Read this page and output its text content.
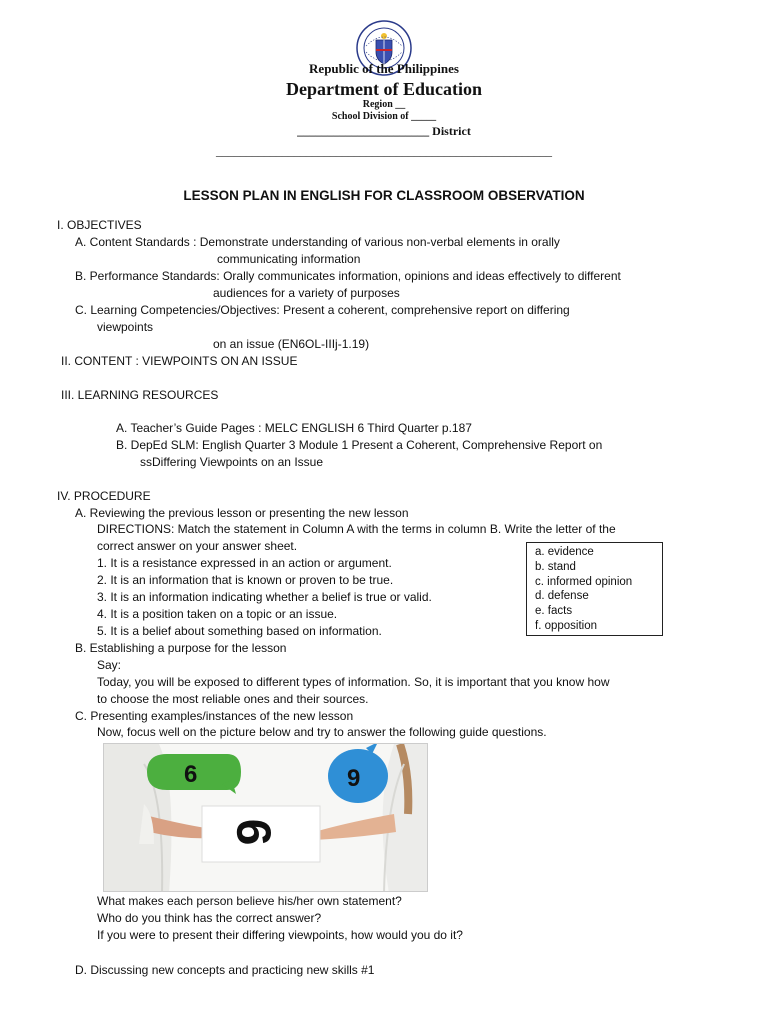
Republic of the Philippines
Department of Education
Region __
School Division of _____
______________________ District
________________________________________________________
LESSON PLAN IN ENGLISH FOR CLASSROOM OBSERVATION
I. OBJECTIVES
A. Content Standards : Demonstrate understanding of various non-verbal elements in orally
communicating information
B. Performance Standards: Orally communicates information, opinions and ideas effectively to different
audiences for a variety of purposes
C. Learning Competencies/Objectives: Present a coherent, comprehensive report on differing
viewpoints
on an issue (EN6OL-IIIj-1.19)
II. CONTENT : VIEWPOINTS ON AN ISSUE
III. LEARNING RESOURCES
A. Teacher’s Guide Pages : MELC ENGLISH 6 Third Quarter p.187
B. DepEd SLM: English Quarter 3 Module 1 Present a Coherent, Comprehensive Report on
ssDiffering Viewpoints on an Issue
IV. PROCEDURE
A. Reviewing the previous lesson or presenting the new lesson
DIRECTIONS: Match the statement in Column A with the terms in column B. Write the letter of the
correct answer on your answer sheet.
1. It is a resistance expressed in an action or argument.
2. It is an information that is known or proven to be true.
3. It is an information indicating whether a belief is true or valid.
4. It is a position taken on a topic or an issue.
5. It is a belief about something based on information.
a. evidence
b. stand
c. informed opinion
d. defense
e. facts
f. opposition
B. Establishing a purpose for the lesson
Say:
Today, you will be exposed to different types of information. So, it is important that you know how
to choose the most reliable ones and their sources.
C. Presenting examples/instances of the new lesson
Now, focus well on the picture below and try to answer the following guide questions.
6	9
9
What makes each person believe his/her own statement?
Who do you think has the correct answer?
If you were to present their differing viewpoints, how would you do it?
D. Discussing new concepts and practicing new skills #1
